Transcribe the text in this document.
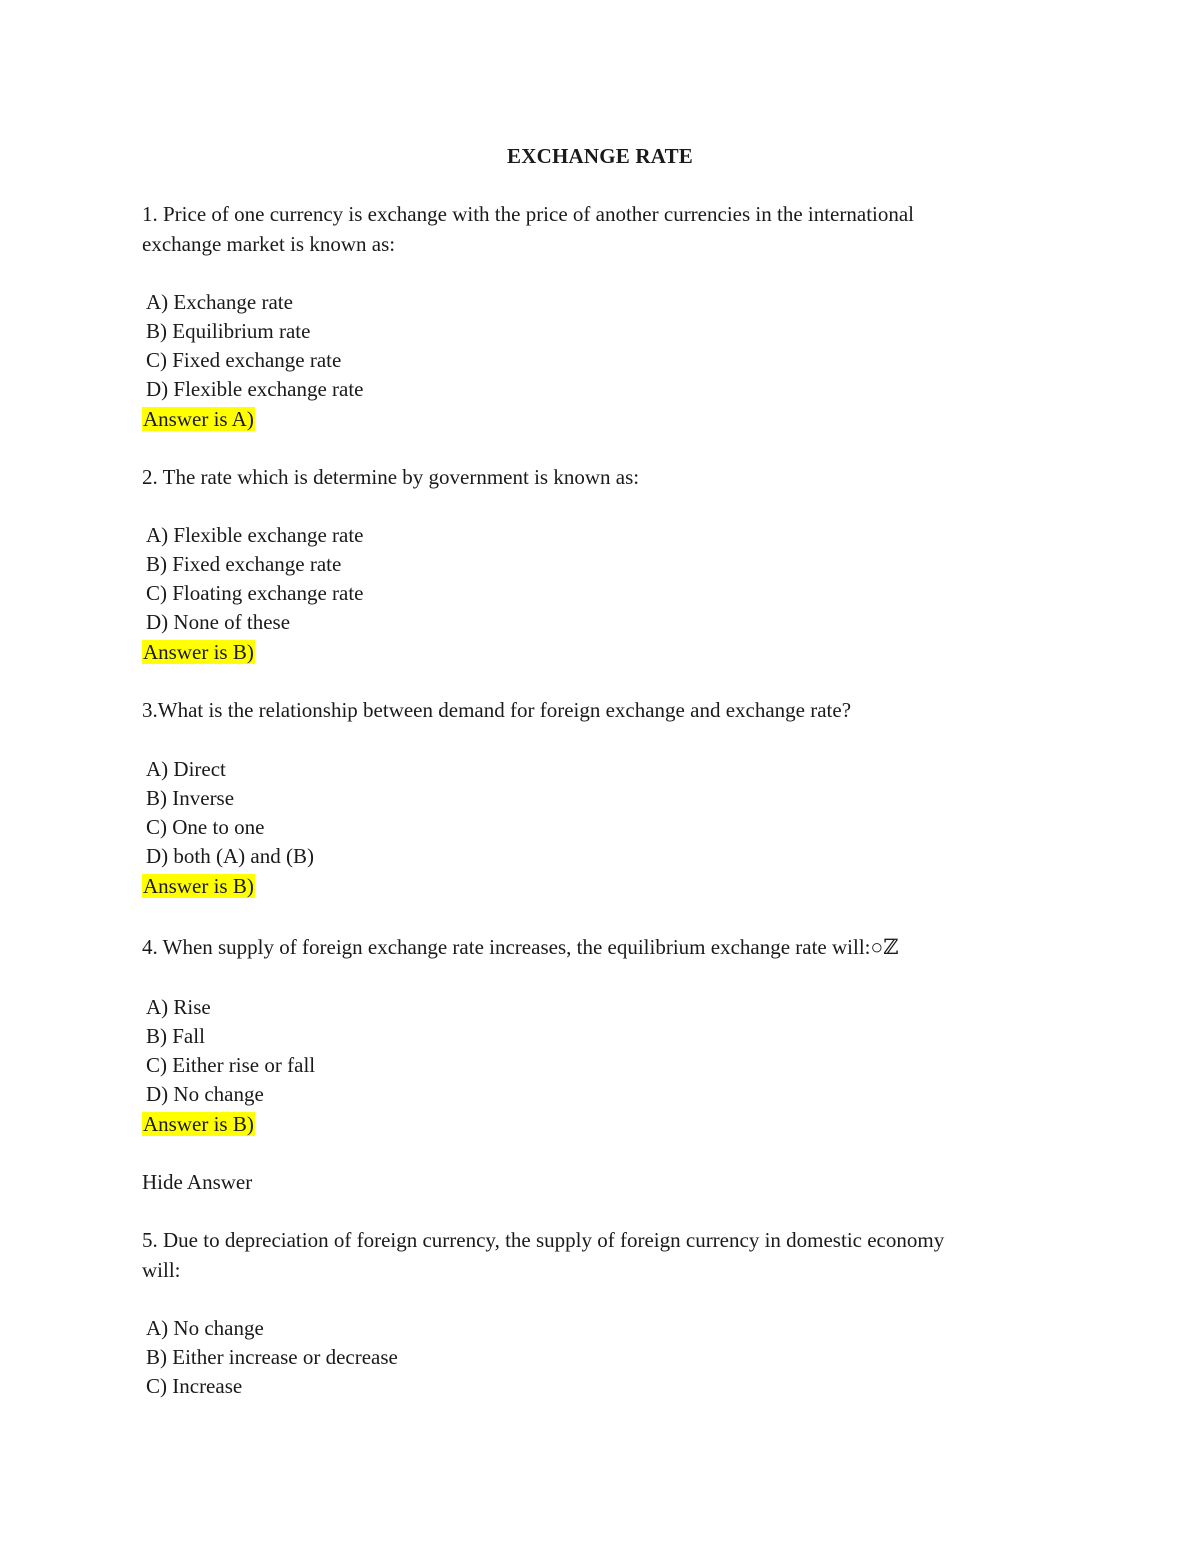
EXCHANGE RATE
1. Price of one currency is exchange with the price of another currencies in the international
exchange market is known as:
A) Exchange rate
B) Equilibrium rate
C) Fixed exchange rate
D) Flexible exchange rate
Answer is A)
2. The rate which is determine by government is known as:
A) Flexible exchange rate
B) Fixed exchange rate
C) Floating exchange rate
D) None of these
Answer is B)
3.What is the relationship between demand for foreign exchange and exchange rate?
A) Direct
B) Inverse
C) One to one
D) both (A) and (B)
Answer is B)
4. When supply of foreign exchange rate increases, the equilibrium exchange rate will:○ℤ
A) Rise
B) Fall
C) Either rise or fall
D) No change
Answer is B)
Hide Answer
5. Due to depreciation of foreign currency, the supply of foreign currency in domestic economy
will:
A) No change
B) Either increase or decrease
C) Increase
